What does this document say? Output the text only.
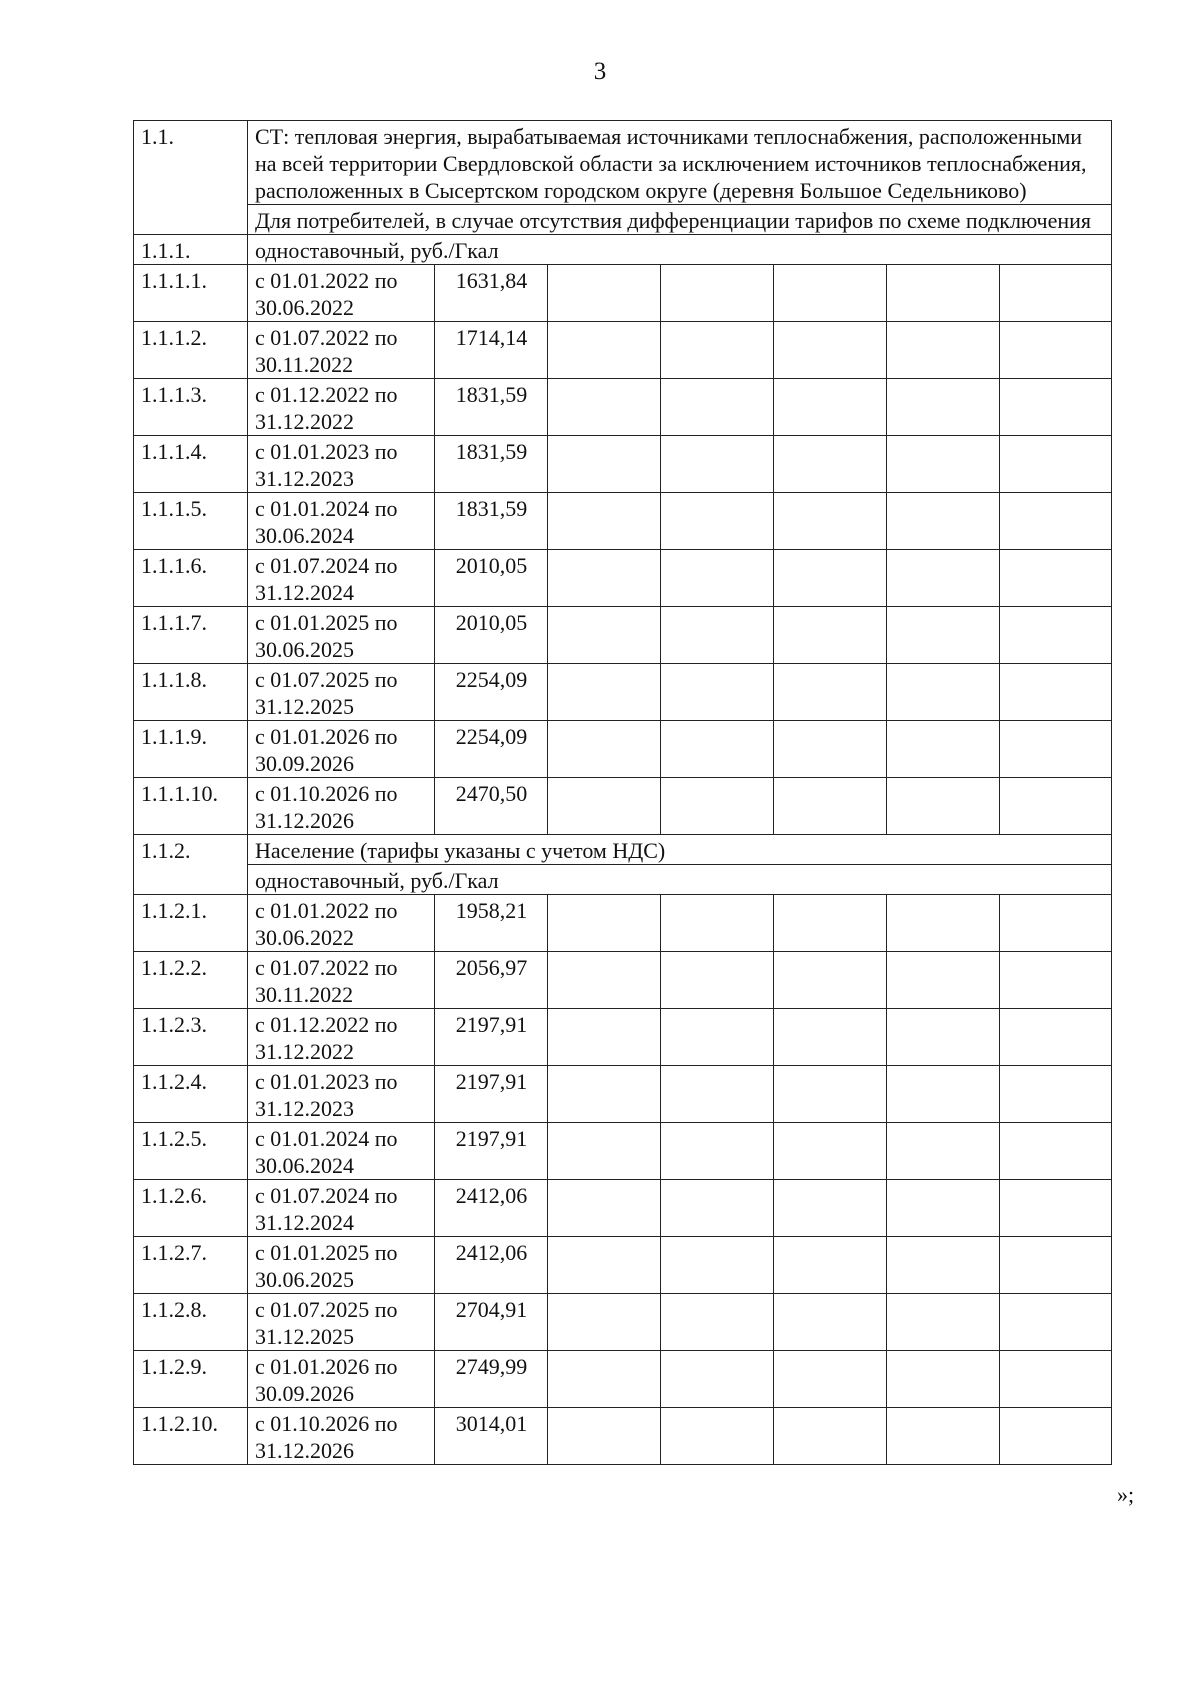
3
1.1.	СТ: тепловая энергия, вырабатываемая источниками теплоснабжения, расположенными на всей территории Свердловской области за исключением источников теплоснабжения, расположенных в Сысертском городском округе (деревня Большое Седельниково)						
	Для потребителей, в случае отсутствия дифференциации тарифов по схеме подключения						
1.1.1.	одноставочный, руб./Гкал						
1.1.1.1.	с 01.01.2022 по 30.06.2022	1631,84					
1.1.1.2.	с 01.07.2022 по 30.11.2022	1714,14					
1.1.1.3.	с 01.12.2022 по 31.12.2022	1831,59					
1.1.1.4.	с 01.01.2023 по 31.12.2023	1831,59					
1.1.1.5.	с 01.01.2024 по 30.06.2024	1831,59					
1.1.1.6.	с 01.07.2024 по 31.12.2024	2010,05					
1.1.1.7.	с 01.01.2025 по 30.06.2025	2010,05					
1.1.1.8.	с 01.07.2025 по 31.12.2025	2254,09					
1.1.1.9.	с 01.01.2026 по 30.09.2026	2254,09					
1.1.1.10.	с 01.10.2026 по 31.12.2026	2470,50					
1.1.2.	Население (тарифы указаны с учетом НДС)						
	одноставочный, руб./Гкал						
1.1.2.1.	с 01.01.2022 по 30.06.2022	1958,21					
1.1.2.2.	с 01.07.2022 по 30.11.2022	2056,97					
1.1.2.3.	с 01.12.2022 по 31.12.2022	2197,91					
1.1.2.4.	с 01.01.2023 по 31.12.2023	2197,91					
1.1.2.5.	с 01.01.2024 по 30.06.2024	2197,91					
1.1.2.6.	с 01.07.2024 по 31.12.2024	2412,06					
1.1.2.7.	с 01.01.2025 по 30.06.2025	2412,06					
1.1.2.8.	с 01.07.2025 по 31.12.2025	2704,91					
1.1.2.9.	с 01.01.2026 по 30.09.2026	2749,99					
1.1.2.10.	с 01.10.2026 по 31.12.2026	3014,01					
»;
